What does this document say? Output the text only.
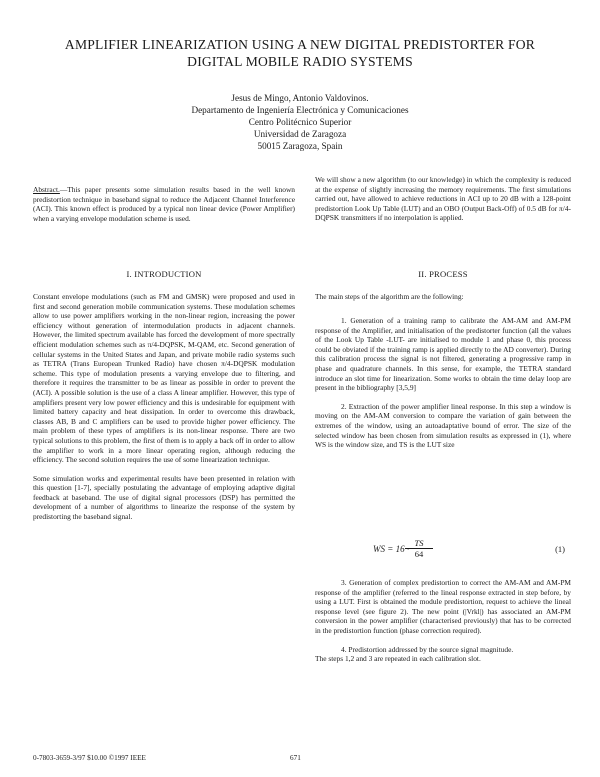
AMPLIFIER LINEARIZATION USING A NEW DIGITAL PREDISTORTER FOR
DIGITAL MOBILE RADIO SYSTEMS
Jesus de Mingo, Antonio Valdovinos.
Departamento de Ingeniería Electrónica y Comunicaciones
Centro Politécnico Superior
Universidad de Zaragoza
50015 Zaragoza, Spain

Abstract.—This paper presents some simulation results based in the well known predistortion technique in baseband signal to reduce the Adjacent Channel Interference (ACI). This known effect is produced by a typical non linear device (Power Amplifier) when a varying envelope modulation scheme is used.

I. INTRODUCTION

Constant envelope modulations (such as FM and GMSK) were proposed and used in first and second generation mobile communication systems. These modulation schemes allow to use power amplifiers working in the non-linear region, increasing the power efficiency without generation of intermodulation products in adjacent channels. However, the limited spectrum available has forced the development of more spectrally efficient modulation schemes such as π/4-DQPSK, M-QAM, etc. Second generation of cellular systems in the United States and Japan, and private mobile radio systems such as TETRA (Trans European Trunked Radio) have chosen π/4-DQPSK modulation scheme. This type of modulation presents a varying envelope due to filtering, and therefore it requires the transmitter to be as linear as possible in order to prevent the (ACI). A possible solution is the use of a class A linear amplifier. However, this type of amplifiers present very low power efficiency and this is undesirable for equipment with limited battery capacity and heat dissipation. In order to overcome this drawback, classes AB, B and C amplifiers can be used to provide higher power efficiency. The main problem of these types of amplifiers is its non-linear response. There are two typical solutions to this problem, the first of them is to apply a back off in order to allow the amplifier to work in a more linear operating region, although reducing the efficiency. The second solution requires the use of some linearization technique.

Some simulation works and experimental results have been presented in relation with this question [1-7], specially postulating the advantage of employing adaptive digital feedback at baseband. The use of digital signal processors (DSP) has permitted the development of a number of algorithms to linearize the response of the system by predistorting the baseband signal.

We will show a new algorithm (to our knowledge) in which the complexity is reduced at the expense of slightly increasing the memory requirements. The first simulations carried out, have allowed to achieve reductions in ACI up to 20 dB with a 128-point predistortion Look Up Table (LUT) and an OBO (Output Back-Off) of 0.5 dB for π/4-DQPSK transmitters if no interpolation is applied.
II. PROCESS
The main steps of the algorithm are the following:

1. Generation of a training ramp to calibrate the AM-AM and AM-PM response of the Amplifier, and initialisation of the predistorter function (all the values of the Look Up Table -LUT- are initialised to module 1 and phase 0, this process could be obviated if the training ramp is applied directly to the AD converter). During this calibration process the signal is not filtered, generating a progressive ramp in phase and quadrature channels. In this sense, for example, the TETRA standard introduce an slot time for linearization. Some works to obtain the time delay loop are present in the bibliography [3,5,9]

2. Extraction of the power amplifier lineal response. In this step a window is moving on the AM-AM conversion to compare the variation of gain between the extremes of the window, using an autoadaptative bound of error. The size of the selected window has been chosen from simulation results as expressed in (1), where WS is the window size, and TS is the LUT size

WS = 16 ·
$\frac{TS}{64}$	(1)

3. Generation of complex predistortion to correct the AM-AM and AM-PM response of the amplifier (referred to the lineal response extracted in step before, by using a LUT. First is obtained the module predistortion, request to achieve the lineal response level (see figure 2). The new point (|Vrkl|) has associated an AM-PM conversion in the power amplifier (characterised previously) that has to be corrected in the predistortion function (phase correction required).

4. Predistortion addressed by the source signal magnitude.

The steps 1,2 and 3 are repeated in each calibration slot.

0-7803-3659-3/97 $10.00 ©1997 IEEE	671
